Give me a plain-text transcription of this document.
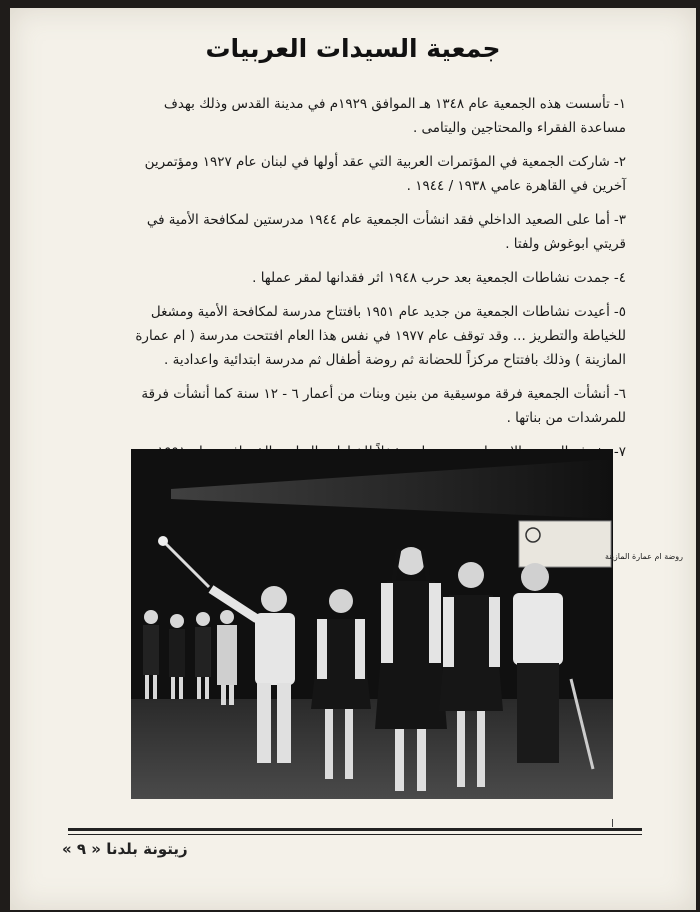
جمعية السيدات العربيات
١-تأسست هذه الجمعية عام ١٣٤٨ هـ الموافق ١٩٢٩م في مدينة القدس وذلك بهدف مساعدة الفقراء والمحتاجين واليتامى .
٢-شاركت الجمعية في المؤتمرات العربية التي عقد أولها في لبنان عام ١٩٢٧ ومؤتمرين آخرين في القاهرة عامي ١٩٣٨ / ١٩٤٤ .
٣-أما على الصعيد الداخلي فقد انشأت الجمعية عام ١٩٤٤ مدرستين لمكافحة الأمية في قريتي ابوغوش ولفتا .
٤-جمدت نشاطات الجمعية بعد حرب ١٩٤٨ اثر فقدانها لمقر عملها .
٥-أعيدت نشاطات الجمعية من جديد عام ١٩٥١ بافتتاح مدرسة لمكافحة الأمية ومشغل للخياطة والتطريز ... وقد توقف عام ١٩٧٧ في نفس هذا العام افتتحت مدرسة ( ام عمارة المازينة ) وذلك بافتتاح مركزاً للحضانة ثم روضة أطفال ثم مدرسة ابتدائية واعدادية .
٦-أنشأت الجمعية فرقة موسيقية من بنين وبنات من أعمار ٦ - ١٢ سنة كما أنشأت فرقة للمرشدات من بناتها .
٧-
روضة ام عمارة المازينة
زيتونة بلدنا « ٩ »
